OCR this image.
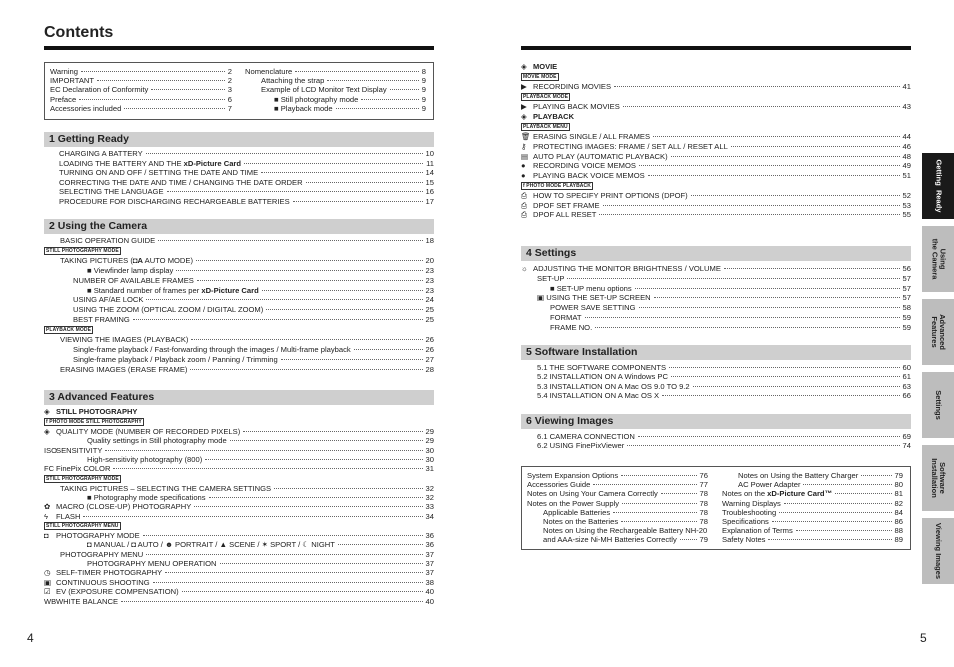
Contents
Warning	2
IMPORTANT	2
EC Declaration of Conformity	3
Preface	6
Accessories included	7
Nomenclature	8
Attaching the strap	9
Example of LCD Monitor Text Display	9
■ Still photography mode	9
■ Playback mode	9
1 Getting Ready
CHARGING A BATTERY	10
LOADING THE BATTERY AND THE xD-Picture Card	11
TURNING ON AND OFF / SETTING THE DATE AND TIME	14
CORRECTING THE DATE AND TIME / CHANGING THE DATE ORDER	15
SELECTING THE LANGUAGE	16
PROCEDURE FOR DISCHARGING RECHARGEABLE BATTERIES	17
2 Using the Camera
BASIC OPERATION GUIDE	18
STILL PHOTOGRAPHY MODE
TAKING PICTURES (◘A AUTO MODE)	20
■ Viewfinder lamp display	23
NUMBER OF AVAILABLE FRAMES	23
■ Standard number of frames per xD-Picture Card	23
USING AF/AE LOCK	24
USING THE ZOOM (OPTICAL ZOOM / DIGITAL ZOOM)	25
BEST FRAMING	25
PLAYBACK MODE
VIEWING THE IMAGES (PLAYBACK)	26
Single-frame playback / Fast-forwarding through the images / Multi-frame playback	26
Single-frame playback / Playback zoom / Panning / Trimming	27
ERASING IMAGES (ERASE FRAME)	28
3 Advanced Features
◈ STILL PHOTOGRAPHY
f PHOTO MODE STILL PHOTOGRAPHY
◈ QUALITY MODE (NUMBER OF RECORDED PIXELS)	29
Quality settings in Still photography mode	29
ISOSENSITIVITY	30
High-sensitivity photography (800)	30
FC FinePix COLOR	31
STILL PHOTOGRAPHY MODE
TAKING PICTURES – SELECTING THE CAMERA SETTINGS	32
■ Photography mode specifications	32
✿ MACRO (CLOSE-UP) PHOTOGRAPHY	33
ϟ FLASH	34
STILL PHOTOGRAPHY MENU
◘ PHOTOGRAPHY MODE	36
◘ MANUAL / ◘ AUTO / ☻ PORTRAIT / ▲ SCENE / ✶ SPORT / ☾ NIGHT	36
PHOTOGRAPHY MENU	37
PHOTOGRAPHY MENU OPERATION	37
◷ SELF-TIMER PHOTOGRAPHY	37
▣ CONTINUOUS SHOOTING	38
☑ EV (EXPOSURE COMPENSATION)	40
WBWHITE BALANCE	40
4
◈ MOVIE
MOVIE MODE
▶ RECORDING MOVIES	41
PLAYBACK MODE
▶ PLAYING BACK MOVIES	43
◈ PLAYBACK
PLAYBACK MENU
🗑 ERASING SINGLE / ALL FRAMES	44
⚷ PROTECTING IMAGES: FRAME / SET ALL / RESET ALL	46
▤ AUTO PLAY (AUTOMATIC PLAYBACK)	48
● RECORDING VOICE MEMOS	49
● PLAYING BACK VOICE MEMOS	51
f PHOTO MODE PLAYBACK
⎙ HOW TO SPECIFY PRINT OPTIONS (DPOF)	52
⎙ DPOF SET FRAME	53
⎙ DPOF ALL RESET	55
4 Settings
☼ ADJUSTING THE MONITOR BRIGHTNESS / VOLUME	56
SET-UP	57
■ SET-UP menu options	57
▣ USING THE SET-UP SCREEN	57
POWER SAVE SETTING	58
FORMAT	59
FRAME NO.	59
5 Software Installation
5.1 THE SOFTWARE COMPONENTS	60
5.2 INSTALLATION ON A Windows PC	61
5.3 INSTALLATION ON A Mac OS 9.0 TO 9.2	63
5.4 INSTALLATION ON A Mac OS X	66
6 Viewing Images
6.1 CAMERA CONNECTION	69
6.2 USING FinePixViewer	74
System Expansion Options	76
Accessories Guide	77
Notes on Using Your Camera Correctly	78
Notes on the Power Supply	78
Applicable Batteries	78
Notes on the Batteries	78
Notes on Using the Rechargeable Battery NH-20
and AAA-size Ni-MH Batteries Correctly	79
Notes on Using the Battery Charger	79
AC Power Adapter	80
Notes on the xD-Picture Card™	81
Warning Displays	82
Troubleshooting	84
Specifications	86
Explanation of Terms	88
Safety Notes	89
5
Getting  Ready
Using
the Camera
Advanced
Features
Settings
Software
Installation
Viewing Images
